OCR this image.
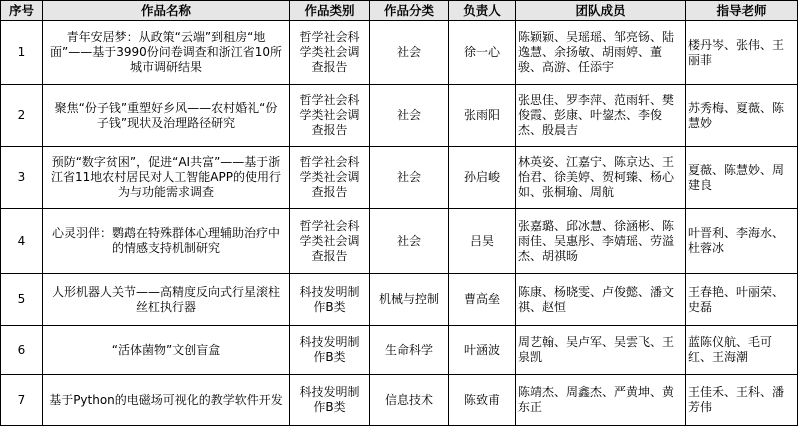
序号	作品名称	作品类别	作品分类	负责人	团队成员	指导老师
1	青年安居梦：从政策“云端”到租房“地面”——基于3990份问卷调查和浙江省10所城市调研结果	哲学社会科学类社会调查报告	社会	徐一心	陈颖颖、吴瑶瑶、邹亮钖、陆逸慧、余扬敏、胡雨婷、董骏、高游、任添宇	楼丹岑、张伟、王丽菲
2	聚焦“份子钱”重塑好乡风——农村婚礼“份子钱”现状及治理路径研究	哲学社会科学类社会调查报告	社会	张雨阳	张思佳、罗李萍、范雨轩、樊俊霞、彭康、叶鋆杰、李俊杰、殷晨吉	苏秀梅、夏薇、陈慧妙
3	预防“数字贫困”，促进“AI共富”——基于浙江省11地农村居民对人工智能APP的使用行为与功能需求调查	哲学社会科学类社会调查报告	社会	孙启峻	林英姿、江嘉宁、陈京达、王怡君、徐美婷、贺柯臻、杨心如、张桐瑜、周航	夏薇、陈慧妙、周建良
4	心灵羽伴：鹦鹉在特殊群体心理辅助治疗中的情感支持机制研究	哲学社会科学类社会调查报告	社会	吕昊	张嘉璐、邱冰慧、徐涵彬、陈雨佳、吴惠彤、李婧瑶、劳溢杰、胡祺旸	叶晋利、李海水、杜蓉冰
5	人形机器人关节——高精度反向式行星滚柱丝杠执行器	科技发明制作B类	机械与控制	曹高垒	陈康、杨晓雯、卢俊懿、潘文祺、赵恒	王春艳、叶丽荣、史磊
6	“活体菌物”文创盲盒	科技发明制作B类	生命科学	叶涵波	周艺翰、吴卢军、吴雲飞、王泉凯	蓝陈仪航、毛可红、王海潮
7	基于Python的电磁场可视化的教学软件开发	科技发明制作B类	信息技术	陈致甫	陈靖杰、周鑫杰、严黄坤、黄东正	王佳禾、王科、潘芳伟
